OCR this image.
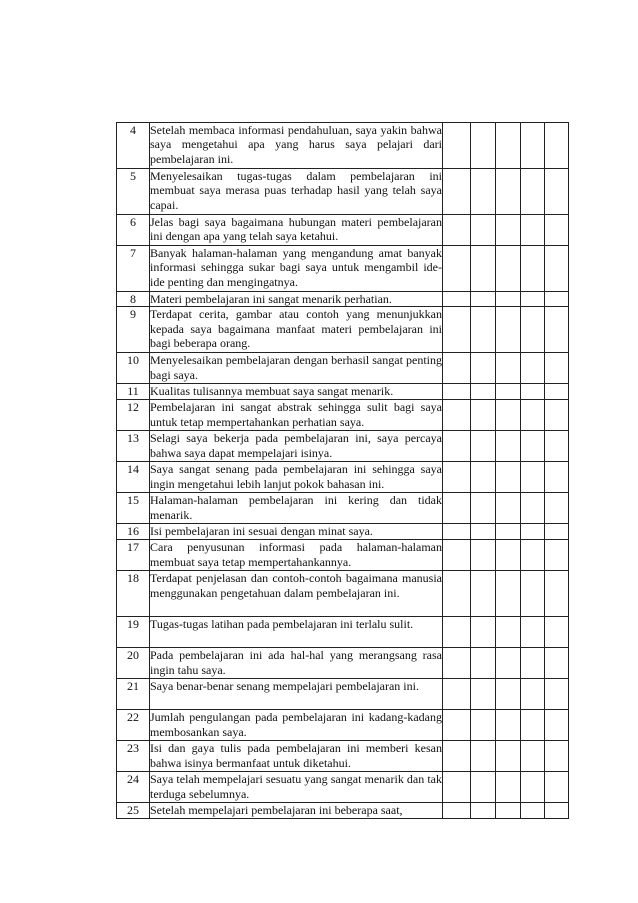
4	Setelah membaca informasi pendahuluan, saya yakin bahwa saya mengetahui apa yang harus saya pelajari dari pembelajaran ini.					
5	Menyelesaikan tugas-tugas dalam pembelajaran ini membuat saya merasa puas terhadap hasil yang telah saya capai.					
6	Jelas bagi saya bagaimana hubungan materi pembelajaran ini dengan apa yang telah saya ketahui.					
7	Banyak halaman-halaman yang mengandung amat banyak informasi sehingga sukar bagi saya untuk mengambil ide-ide penting dan mengingatnya.					
8	Materi pembelajaran ini sangat menarik perhatian.					
9	Terdapat cerita, gambar atau contoh yang menunjukkan kepada saya bagaimana manfaat materi pembelajaran ini bagi beberapa orang.					
10	Menyelesaikan pembelajaran dengan berhasil sangat penting bagi saya.					
11	Kualitas tulisannya membuat saya sangat menarik.					
12	Pembelajaran ini sangat abstrak sehingga sulit bagi saya untuk tetap mempertahankan perhatian saya.					
13	Selagi saya bekerja pada pembelajaran ini, saya percaya bahwa saya dapat mempelajari isinya.					
14	Saya sangat senang pada pembelajaran ini sehingga saya ingin mengetahui lebih lanjut pokok bahasan ini.					
15	Halaman-halaman pembelajaran ini kering dan tidak menarik.					
16	Isi pembelajaran ini sesuai dengan minat saya.					
17	Cara penyusunan informasi pada halaman-halaman membuat saya tetap mempertahankannya.					
18	Terdapat penjelasan dan contoh-contoh bagaimana manusia menggunakan pengetahuan dalam pembelajaran ini.					
19	Tugas-tugas latihan pada pembelajaran ini terlalu sulit.					
20	Pada pembelajaran ini ada hal-hal yang merangsang rasa ingin tahu saya.					
21	Saya benar-benar senang mempelajari pembelajaran ini.					
22	Jumlah pengulangan pada pembelajaran ini kadang-kadang membosankan saya.					
23	Isi dan gaya tulis pada pembelajaran ini memberi kesan bahwa isinya bermanfaat untuk diketahui.					
24	Saya telah mempelajari sesuatu yang sangat menarik dan tak terduga sebelumnya.					
25	Setelah mempelajari pembelajaran ini beberapa saat,					
